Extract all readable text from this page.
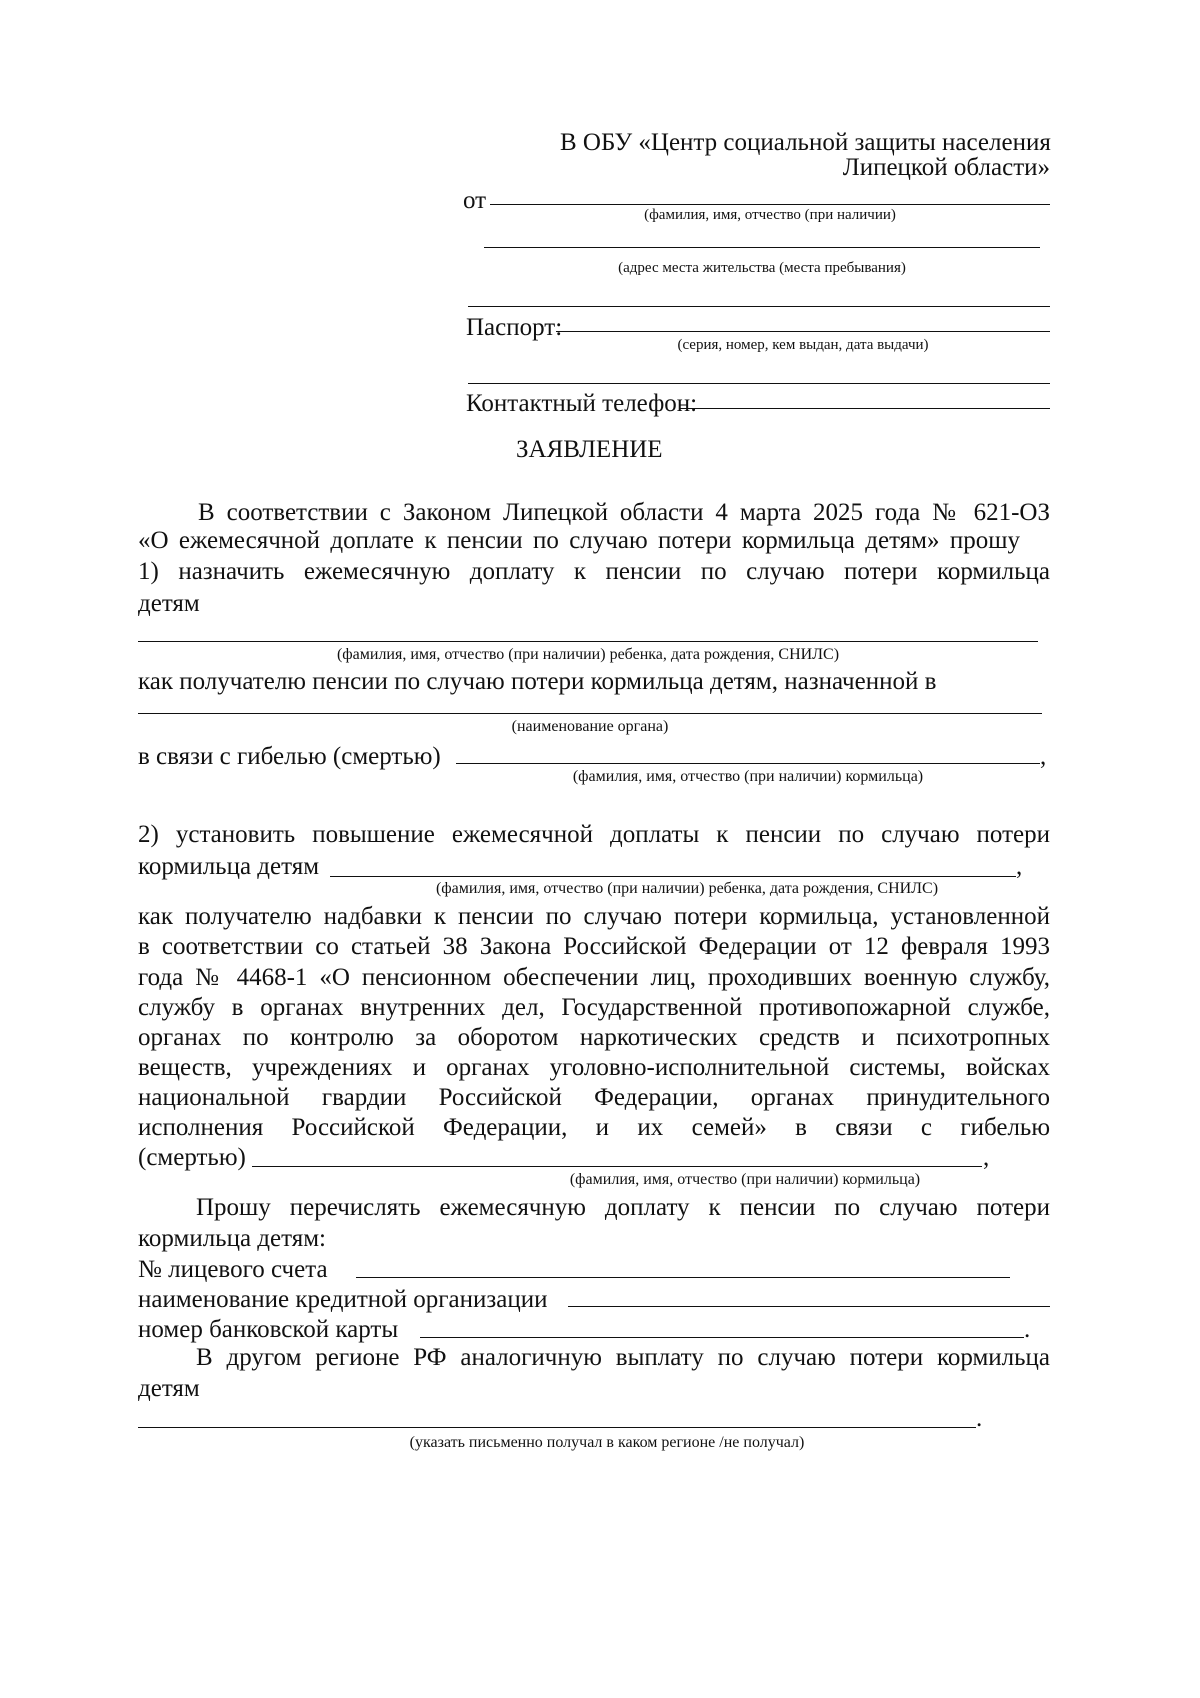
В ОБУ «Центр социальной защиты населения
Липецкой области»
от
(фамилия, имя, отчество (при наличии)
(адрес места жительства (места пребывания)
Паспорт:
(серия, номер, кем выдан, дата выдачи)
Контактный телефон:
ЗАЯВЛЕНИЕ
В соответствии с Законом Липецкой области 4 марта 2025 года № 621-ОЗ
«О ежемесячной доплате к пенсии по случаю потери кормильца детям» прошу
1) назначить ежемесячную доплату к пенсии по случаю потери кормильца
детям
(фамилия, имя, отчество (при наличии) ребенка, дата рождения, СНИЛС)
как получателю пенсии по случаю потери кормильца детям, назначенной в
(наименование органа)
в связи с гибелью (смертью)	,
(фамилия, имя, отчество (при наличии) кормильца)
2) установить повышение ежемесячной доплаты к пенсии по случаю потери
кормильца детям	,
(фамилия, имя, отчество (при наличии) ребенка, дата рождения, СНИЛС)
как получателю надбавки к пенсии по случаю потери кормильца, установленной
в соответствии со статьей 38 Закона Российской Федерации от 12 февраля 1993
года № 4468-1 «О пенсионном обеспечении лиц, проходивших военную службу,
службу в органах внутренних дел, Государственной противопожарной службе,
органах по контролю за оборотом наркотических средств и психотропных
веществ, учреждениях и органах уголовно-исполнительной системы, войсках
национальной гвардии Российской Федерации, органах принудительного
исполнения Российской Федерации, и их семей» в связи с гибелью
(смертью)	,
(фамилия, имя, отчество (при наличии) кормильца)
Прошу перечислять ежемесячную доплату к пенсии по случаю потери
кормильца детям:
№ лицевого счета
наименование кредитной организации
номер банковской карты	.
В другом регионе РФ аналогичную выплату по случаю потери кормильца
детям
.
(указать письменно получал в каком регионе /не получал)
